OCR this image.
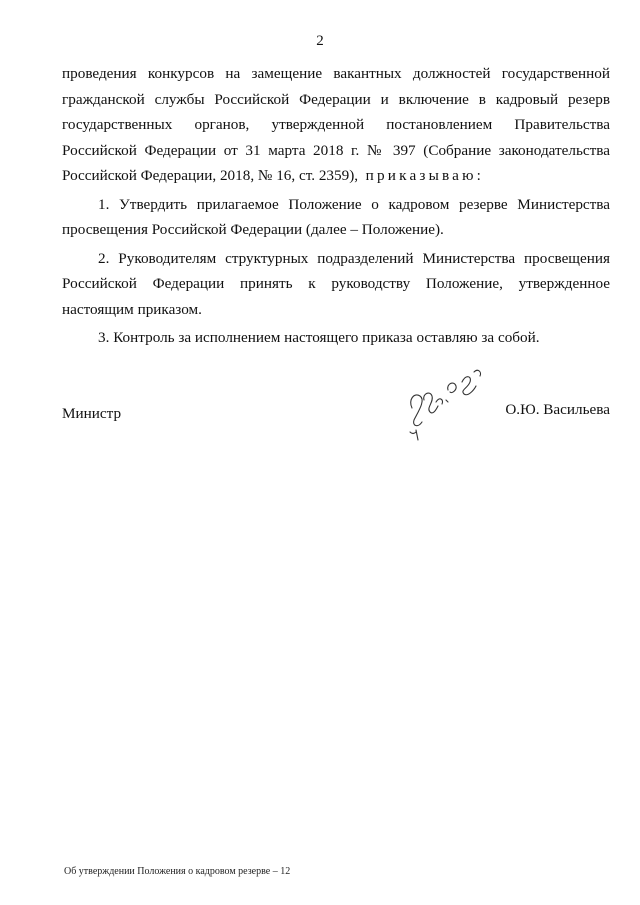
2

проведения конкурсов на замещение вакантных должностей государственной
гражданской службы Российской Федерации и включение в кадровый резерв
государственных органов, утвержденной постановлением Правительства
Российской Федерации от 31 марта 2018 г. № 397 (Собрание законодательства
Российской Федерации, 2018, № 16, ст. 2359), приказываю:

1. Утвердить прилагаемое Положение о кадровом резерве Министерства просвещения Российской Федерации (далее – Положение).

2. Руководителям структурных подразделений Министерства просвещения Российской Федерации принять к руководству Положение, утвержденное настоящим приказом.

3. Контроль за исполнением настоящего приказа оставляю за собой.

Министр	О.Ю. Васильева
Об утверждении Положения о кадровом резерве – 12
